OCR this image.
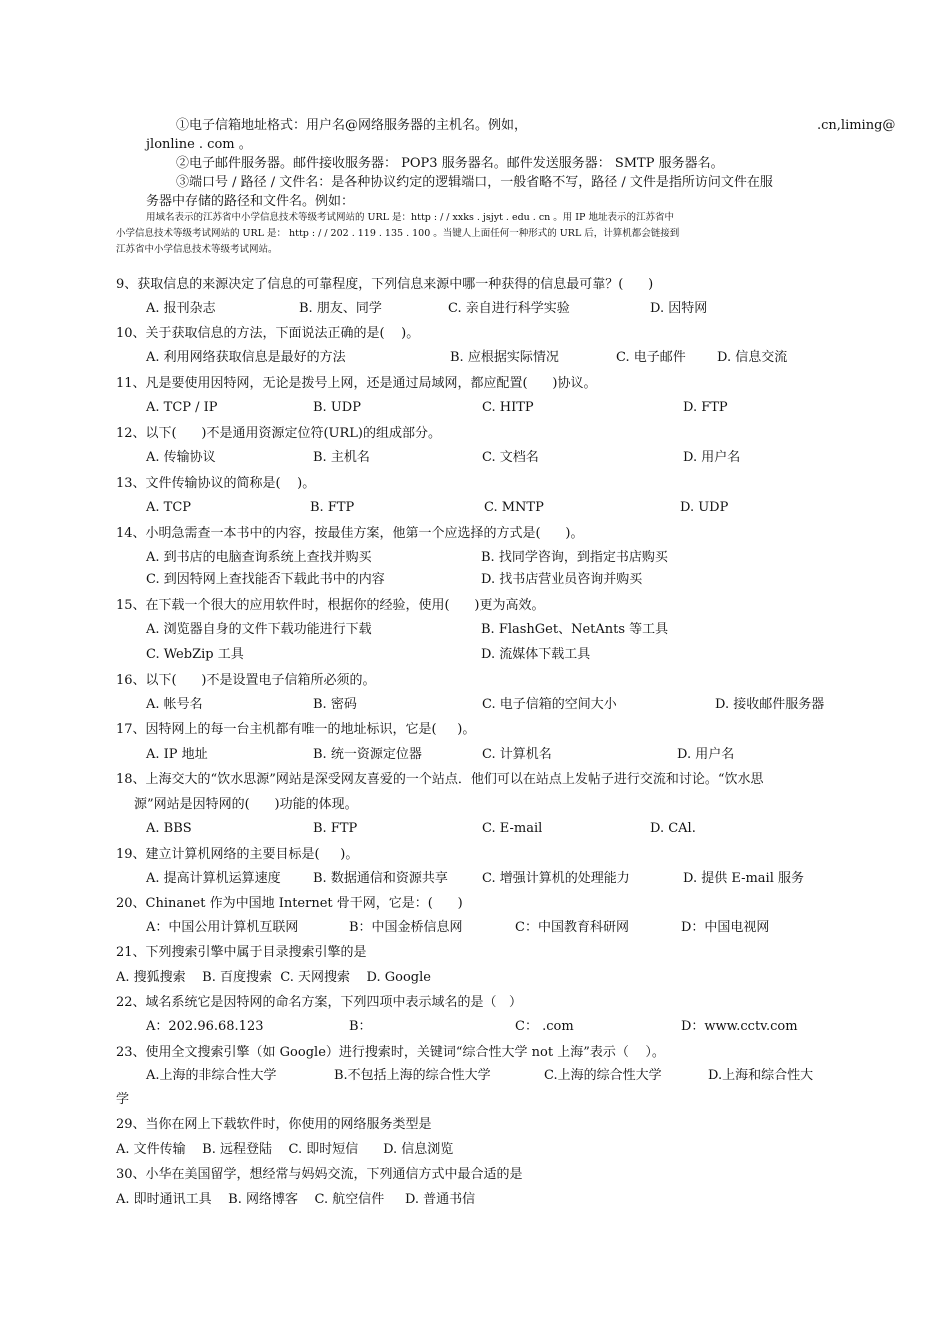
①电子信箱地址格式：用户名@网络服务器的主机名。例如，	.cn,liming@
jlonline . com 。
②电子邮件服务器。邮件接收服务器： POP3 服务器名。邮件发送服务器： SMTP 服务器名。
③端口号 / 路径 / 文件名：是各种协议约定的逻辑端口，一般省略不写，路径 / 文件是指所访问文件在服
务器中存储的路径和文件名。例如：
用域名表示的江苏省中小学信息技术等级考试网站的 URL 是：http : / / xxks . jsjyt . edu . cn 。用 IP 地址表示的江苏省中
小学信息技术等级考试网站的 URL 是： http : / / 202 . 119 . 135 . 100 。当键人上面任何一种形式的 URL 后，计算机都会链接到
江苏省中小学信息技术等级考试网站。
9、获取信息的来源决定了信息的可靠程度，下列信息来源中哪一种获得的信息最可靠？(      )
A. 报刊杂志	B. 朋友、同学	C. 亲自进行科学实验	D. 因特网
10、关于获取信息的方法，下面说法正确的是(    )。
A. 利用网络获取信息是最好的方法	B. 应根据实际情况	C. 电子邮件 D. 信息交流
11、凡是要使用因特网，无论是拨号上网，还是通过局域网，都应配置(      )协议。
A. TCP / IP	B. UDP	C. HITP	D. FTP
12、以下(      )不是通用资源定位符(URL)的组成部分。
A. 传输协议	B. 主机名	C. 文档名	D. 用户名
13、文件传输协议的简称是(    )。
A. TCP	B. FTP	C. MNTP	D. UDP
14、小明急需查一本书中的内容，按最佳方案，他第一个应选择的方式是(      )。
A. 到书店的电脑查询系统上查找并购买	B. 找同学咨询，到指定书店购买
C. 到因特网上查找能否下载此书中的内容	D. 找书店营业员咨询并购买
15、在下载一个很大的应用软件时，根据你的经验，使用(      )更为高效。
A. 浏览器自身的文件下载功能进行下载	B. FlashGet、NetAnts 等工具
C. WebZip 工具	D. 流媒体下载工具
16、以下(      )不是设置电子信箱所必须的。
A. 帐号名	B. 密码	C. 电子信箱的空间大小	D. 接收邮件服务器
17、因特网上的每一台主机都有唯一的地址标识，它是(     )。
A. IP 地址	B. 统一资源定位器	C. 计算机名	D. 用户名
18、上海交大的“饮水思源”网站是深受网友喜爱的一个站点．他们可以在站点上发帖子进行交流和讨论。“饮水思
源”网站是因特网的(      )功能的体现。
A. BBS	B. FTP	C. E-mail	D. CAl.
19、建立计算机网络的主要目标是(     )。
A. 提高计算机运算速度 B. 数据通信和资源共享	C. 增强计算机的处理能力	D. 提供 E-mail 服务
20、Chinanet 作为中国地 Internet 骨干网，它是：(      )
A：中国公用计算机互联网	B：中国金桥信息网	C：中国教育科研网	D：中国电视网
21、下列搜索引擎中属于目录搜索引擎的是
A. 搜狐搜索    B. 百度搜索  C. 天网搜索    D. Google
22、域名系统它是因特网的命名方案，下列四项中表示域名的是（   ）
A：202.96.68.123	B：	C： .com	D：www.cctv.com
23、使用全文搜索引擎（如 Google）进行搜索时，关键词“综合性大学 not 上海”表示（    ）。
A.上海的非综合性大学	B.不包括上海的综合性大学	C.上海的综合性大学	D.上海和综合性大
学
29、当你在网上下载软件时，你使用的网络服务类型是
A. 文件传输    B. 远程登陆    C. 即时短信      D. 信息浏览
30、小华在美国留学，想经常与妈妈交流，下列通信方式中最合适的是
A. 即时通讯工具    B. 网络博客    C. 航空信件     D. 普通书信
